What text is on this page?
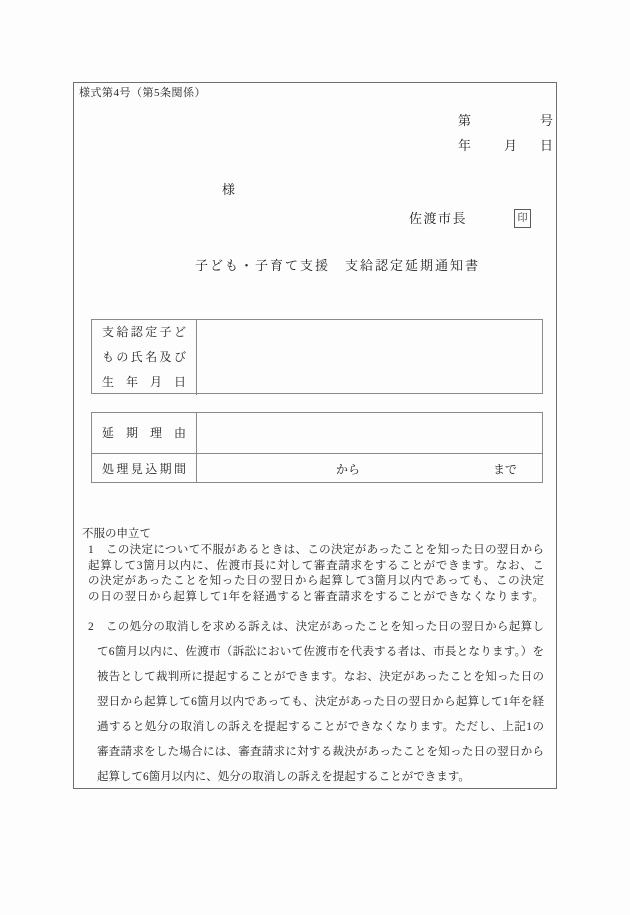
様式第4号（第5条関係）
第	号
年	月 日
様
佐渡市長	印
子ども・子育て支援　支給認定延期通知書
支給認定子ど
もの氏名及び
生年月日
延期理由
処理見込期間	から	まで
不服の申立て
1　この決定について不服があるときは、この決定があったことを知った日の翌日から
起算して3箇月以内に、佐渡市長に対して審査請求をすることができます。なお、こ
の決定があったことを知った日の翌日から起算して3箇月以内であっても、この決定
の日の翌日から起算して1年を経過すると審査請求をすることができなくなります。
2　この処分の取消しを求める訴えは、決定があったことを知った日の翌日から起算し
て6箇月以内に、佐渡市（訴訟において佐渡市を代表する者は、市長となります。）を
被告として裁判所に提起することができます。なお、決定があったことを知った日の
翌日から起算して6箇月以内であっても、決定があった日の翌日から起算して1年を経
過すると処分の取消しの訴えを提起することができなくなります。ただし、上記1の
審査請求をした場合には、審査請求に対する裁決があったことを知った日の翌日から
起算して6箇月以内に、処分の取消しの訴えを提起することができます。
